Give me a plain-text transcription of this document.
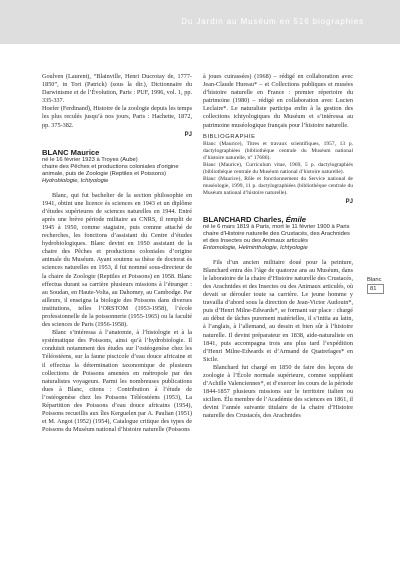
Du Jardin au Muséum en 516 biographies

Goulven (Laurent), “Blainville, Henri Ducrotay de, 1777-1850”, in Tort (Patrick) (sous la dir.), Dictionnaire du Darwinisme et de l’Évolution, Paris : PUF, 1996, vol. 1, pp. 335-337.

Hoefer (Ferdinand), Histoire de la zoologie depuis les temps les plus reculés jusqu’à nos jours, Paris : Hachette, 1872, pp. 375-382.

PJ
BLANC Maurice
né le 16 février 1923 à Troyes (Aube)
chaire des Pêches et productions coloniales d’origine animale, puis de Zoologie (Reptiles et Poissons)
Hydrobiologie, Ichtyologie

Blanc, qui fut bachelier de la section philosophie en 1941, obtint une licence ès sciences en 1943 et un diplôme d’études supérieures de sciences naturelles en 1944. Entré après une brève période militaire au CNRS, il remplit de 1945 à 1950, comme stagiaire, puis comme attaché de recherches, les fonctions d’assistant du Centre d’études hydrobiologiques. Blanc devint en 1950 assistant de la chaire des Pêches et productions coloniales d’origine animale du Muséum. Ayant soutenu sa thèse de doctorat ès sciences naturelles en 1953, il fut nommé sous-directeur de la chaire de Zoologie (Reptiles et Poissons) en 1958. Blanc effectua durant sa carrière plusieurs missions à l’étranger : au Soudan, en Haute-Volta, au Dahomey, au Cambodge. Par ailleurs, il enseigna la biologie des Poissons dans diverses institutions, telles l’ORSTOM (1953-1958), l’école professionnelle de la poissonnerie (1955-1965) ou la faculté des sciences de Paris (1956-1958).

Blanc s’intéressa à l’anatomie, à l’histologie et à la systématique des Poissons, ainsi qu’à l’hydrobiologie. Il conduisit notamment des études sur l’ostéogenèse chez les Téléostéens, sur la faune piscicole d’eau douce africaine et il effectua la détermination taxonomique de plusieurs collections de Poissons amenées en métropole par des naturalistes voyageurs. Parmi les nombreuses publications dues à Blanc, citons : Contribution à l’étude de l’ostéogenèse chez les Poissons Téléostéens (1953), La Répartition des Poissons d’eau douce africains (1954), Poissons recueillis aux îles Kerguelen par A. Paulian (1951) et M. Angot (1952) (1954), Catalogue critique des types de Poissons du Muséum national d’histoire naturelle (Poissons

à joues cuirassées) (1968) – rédigé en collaboration avec Jean-Claude Hureau* – et Collections publiques et musées d’histoire naturelle en France : premier répertoire du patrimoine (1980) – rédigé en collaboration avec Lucien Leclaire*. Le naturaliste participa enfin à la gestion des collections ichtyologiques du Muséum et s’intéressa au patrimoine muséologique français pour l’histoire naturelle.

BIBLIOGRAPHIE

Blanc (Maurice), Titres et travaux scientifiques, 1957, 13 p. dactylographiées (bibliothèque centrale du Muséum national d’histoire naturelle, n° 17686).

Blanc (Maurice), Curriculum vitae, 1969, 5 p. dactylographiés (bibliothèque centrale du Muséum national d’histoire naturelle).

Blanc (Maurice), Rôle et fonctionnement du Service national de muséologie, 1999, 11 p. dactylographiées (bibliothèque centrale du Muséum national d’histoire naturelle).

PJ
BLANCHARD Charles, Émile
né le 6 mars 1819 à Paris, mort le 11 février 1900 à Paris
chaire d’Histoire naturelle des Crustacés, des Arachnides et des Insectes ou des Animaux articulés
Entomologie, Helminthologie, Ichtyologie

Fils d’un ancien militaire doué pour la peinture, Blanchard entra dès l’âge de quatorze ans au Muséum, dans le laboratoire de la chaire d’Histoire naturelle des Crustacés, des Arachnides et des Insectes ou des Animaux articulés, où devait se dérouler toute sa carrière. Le jeune homme y travailla d’abord sous la direction de Jean-Victor Audouin*, puis d’Henri Milne-Edwards*, se formant sur place : chargé au début de tâches purement matérielles, il s’initia au latin, à l’anglais, à l’allemand, au dessin et bien sûr à l’histoire naturelle. Il devint préparateur en 1838, aide-naturaliste en 1841, puis accompagna trois ans plus tard l’expédition d’Henri Milne-Edwards et d’Armand de Quatrefages* en Sicile.

Blanchard fut chargé en 1850 de faire des leçons de zoologie à l’École normale supérieure, comme suppléant d’Achille Valenciennes*, et d’exercer les cours de la période 1844-1857 plusieurs missions sur le territoire italien ou sicilien. Élu membre de l’Académie des sciences en 1861, il devint l’année suivante titulaire de la chaire d’Histoire naturelle des Crustacés, des Arachnides

Blanc
81
